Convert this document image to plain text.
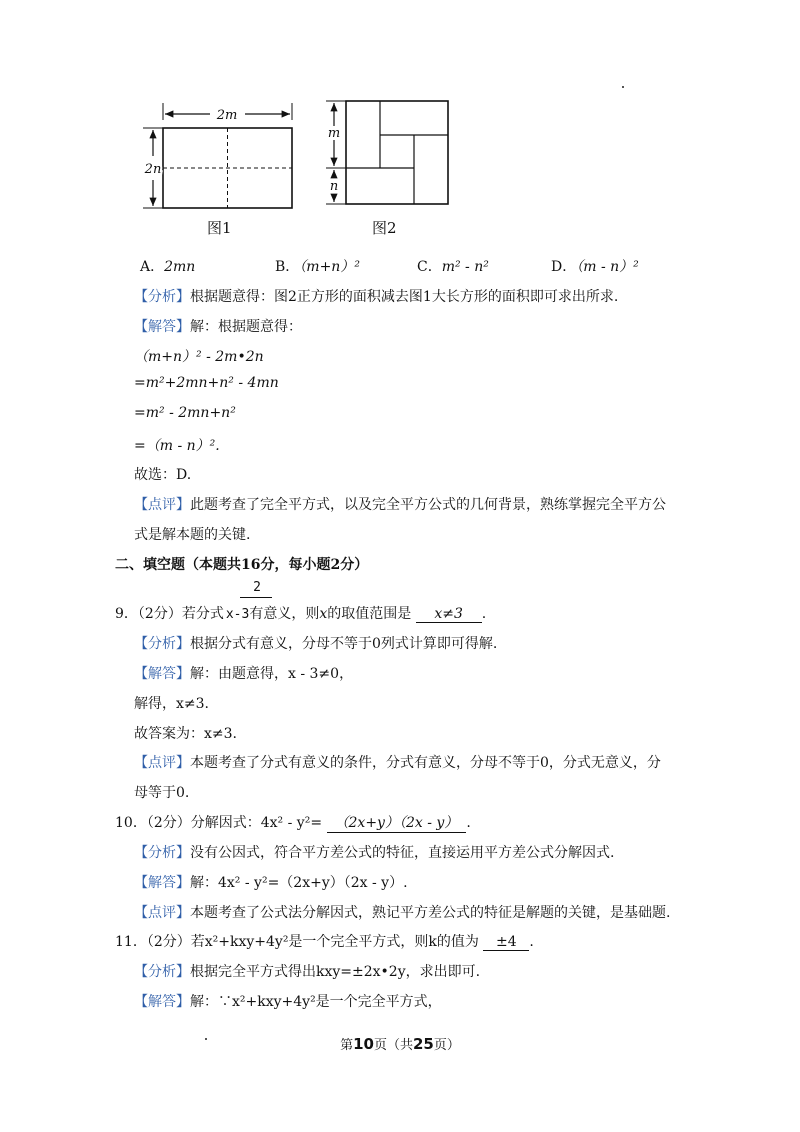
2m
2n
图1
m
n
图2
A．2mn	B．（m+n）²	C．m² - n²	D．（m - n）²
【分析】根据题意得：图2正方形的面积减去图1大长方形的面积即可求出所求.
【解答】解：根据题意得：
（m+n）² - 2m•2n
=m²+2mn+n² - 4mn
=m² - 2mn+n²
=（m - n）².
故选：D.
【点评】此题考查了完全平方式，以及完全平方公式的几何背景，熟练掌握完全平方公
式是解本题的关键.
二、填空题（本题共16分，每小题2分）
2
9．（2分）若分式 x-3有意义，则x的取值范围是 x≠3 .
【分析】根据分式有意义，分母不等于0列式计算即可得解.
【解答】解：由题意得，x - 3≠0，
解得，x≠3.
故答案为：x≠3.
【点评】本题考查了分式有意义的条件，分式有意义，分母不等于0，分式无意义，分
母等于0.
10．（2分）分解因式：4x² - y²= （2x+y）（2x - y） .
【分析】没有公因式，符合平方差公式的特征，直接运用平方差公式分解因式.
【解答】解：4x² - y²=（2x+y）（2x - y）.
【点评】本题考查了公式法分解因式，熟记平方差公式的特征是解题的关键，是基础题.
11．（2分）若x²+kxy+4y²是一个完全平方式，则k的值为 ±4 .
【分析】根据完全平方式得出kxy=±2x•2y，求出即可.
【解答】解：∵x²+kxy+4y²是一个完全平方式，
第10页（共25页）
